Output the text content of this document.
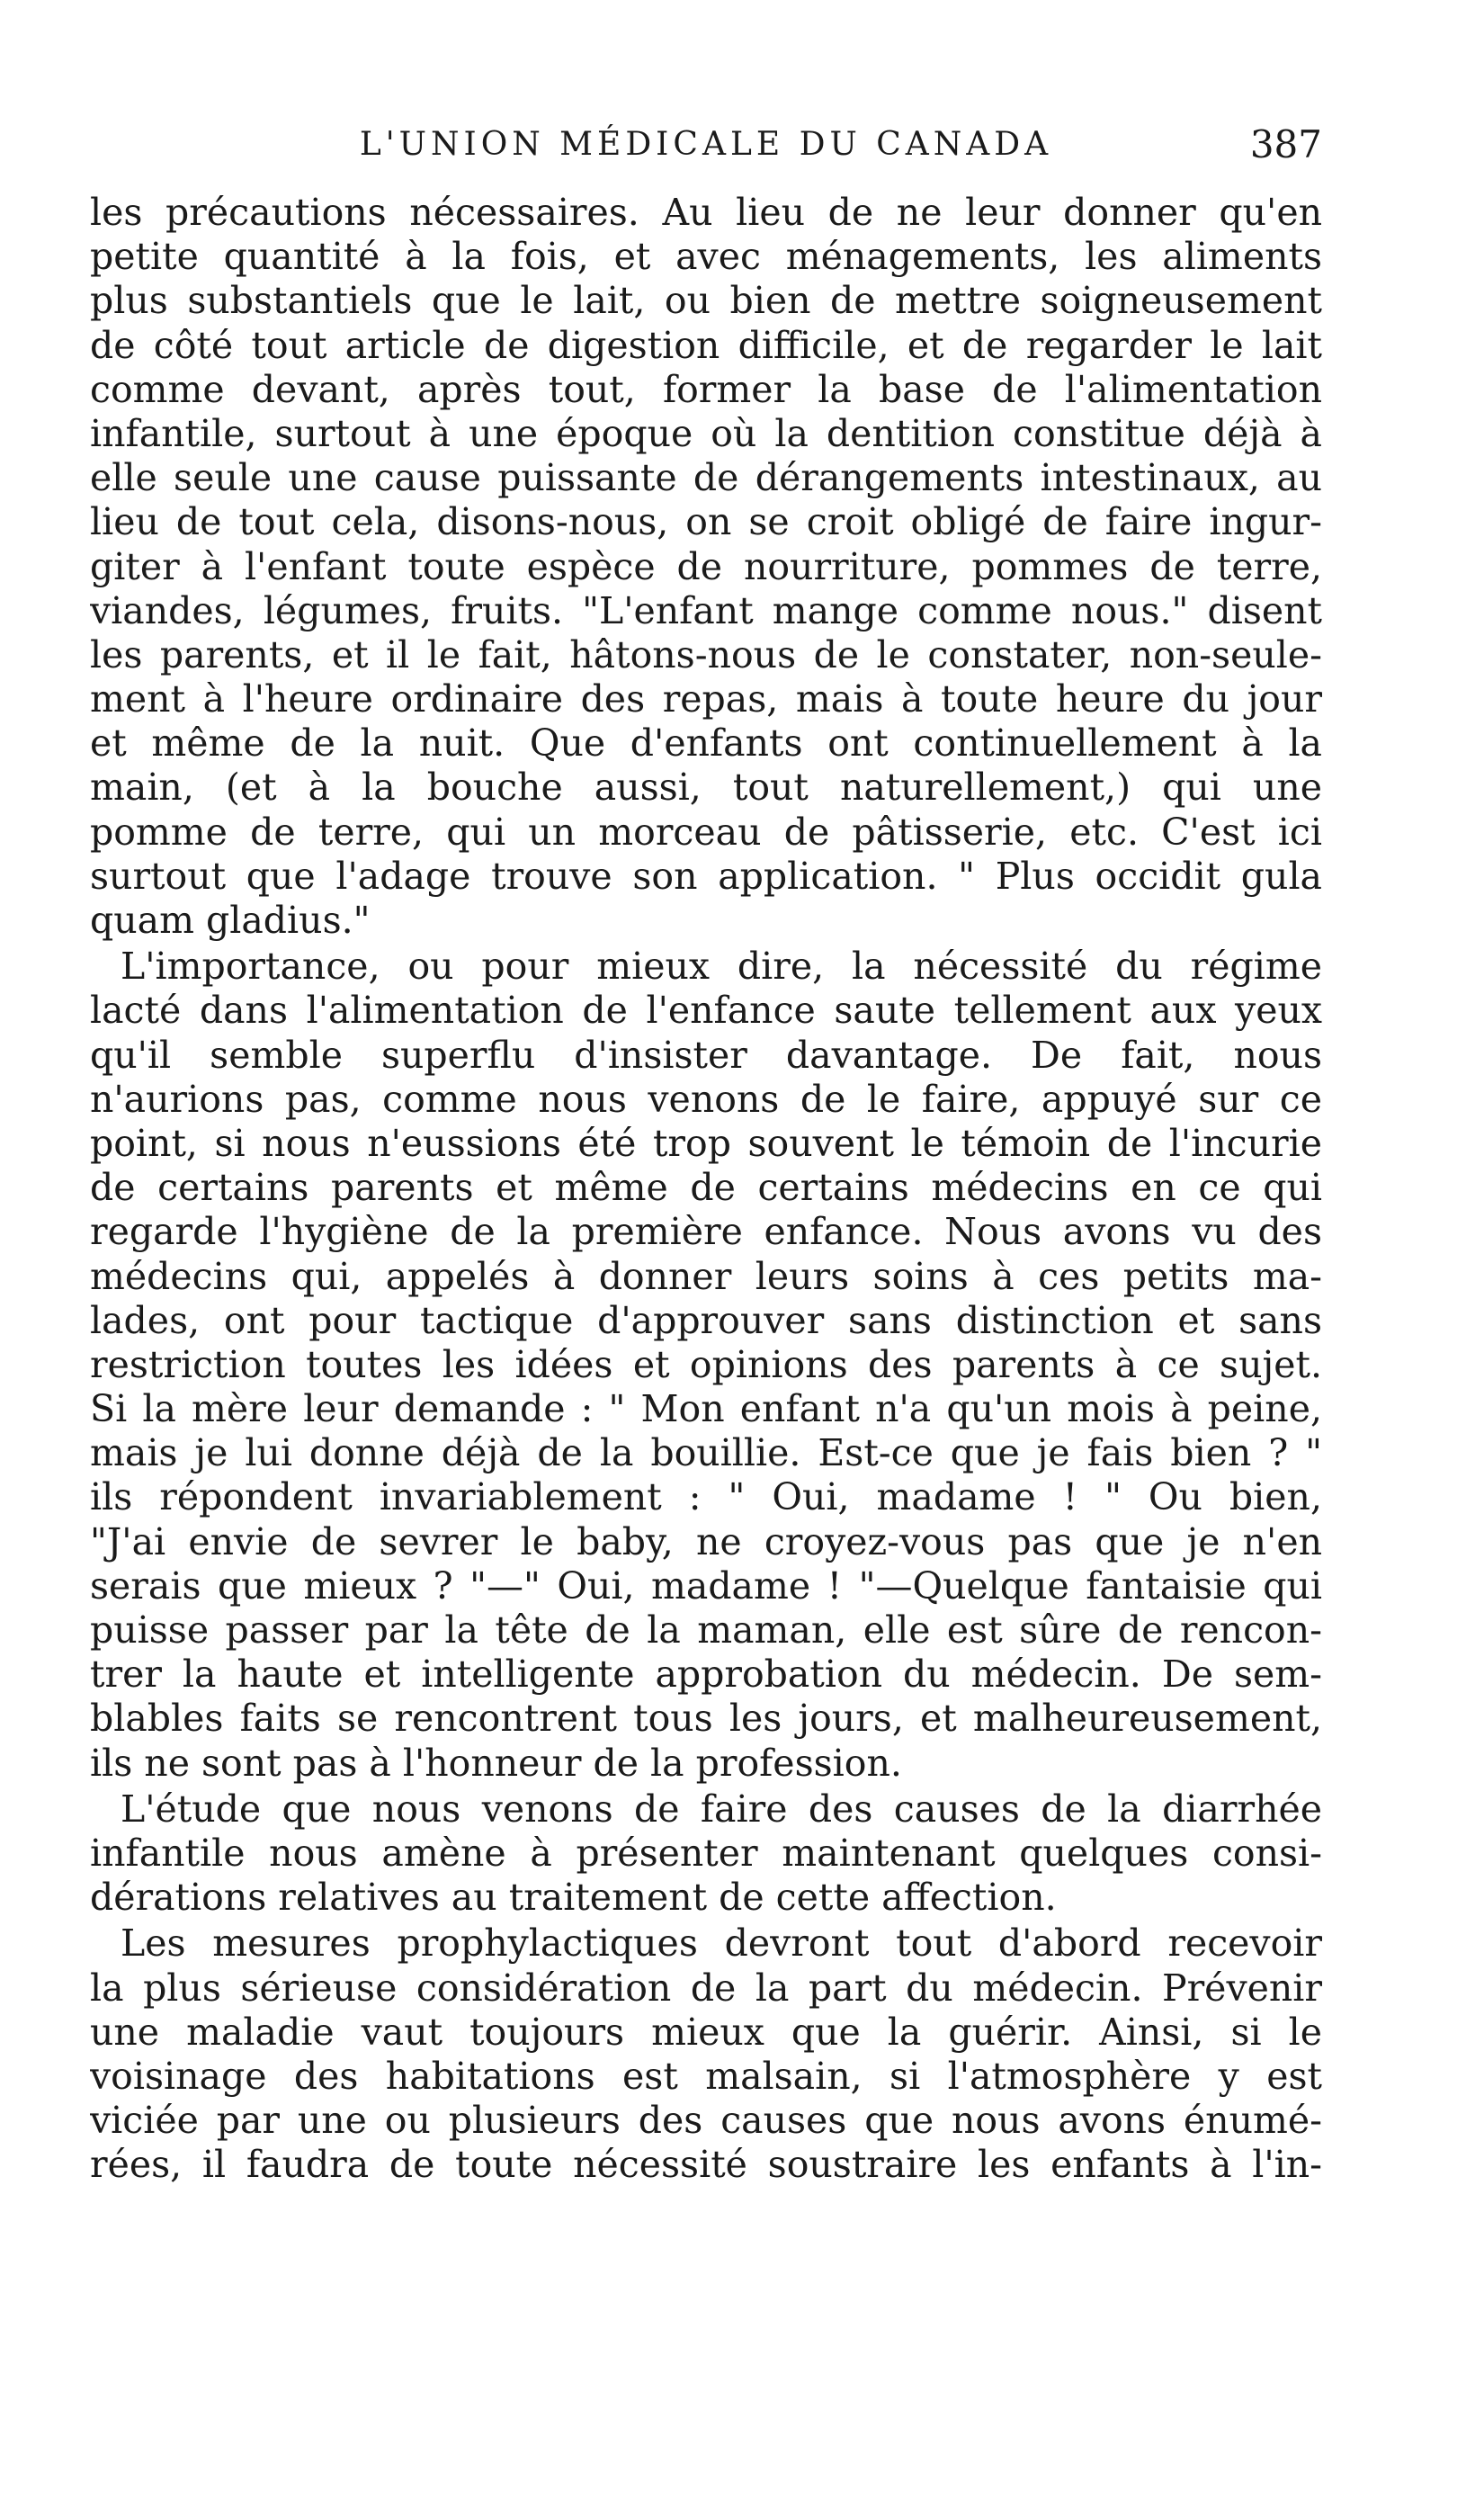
L'UNION MÉDICALE DU CANADA	387
les précautions nécessaires. Au lieu de ne leur donner qu'en
petite quantité à la fois, et avec ménagements, les aliments
plus substantiels que le lait, ou bien de mettre soigneusement
de côté tout article de digestion difficile, et de regarder le lait
comme devant, après tout, former la base de l'alimentation
infantile, surtout à une époque où la dentition constitue déjà à
elle seule une cause puissante de dérangements intestinaux, au
lieu de tout cela, disons-nous, on se croit obligé de faire ingur-
giter à l'enfant toute espèce de nourriture, pommes de terre,
viandes, légumes, fruits. "L'enfant mange comme nous." disent
les parents, et il le fait, hâtons-nous de le constater, non-seule-
ment à l'heure ordinaire des repas, mais à toute heure du jour
et même de la nuit. Que d'enfants ont continuellement à la
main, (et à la bouche aussi, tout naturellement,) qui une
pomme de terre, qui un morceau de pâtisserie, etc. C'est ici
surtout que l'adage trouve son application. " Plus occidit gula
quam gladius."
L'importance, ou pour mieux dire, la nécessité du régime
lacté dans l'alimentation de l'enfance saute tellement aux yeux
qu'il semble superflu d'insister davantage. De fait, nous
n'aurions pas, comme nous venons de le faire, appuyé sur ce
point, si nous n'eussions été trop souvent le témoin de l'incurie
de certains parents et même de certains médecins en ce qui
regarde l'hygiène de la première enfance. Nous avons vu des
médecins qui, appelés à donner leurs soins à ces petits ma-
lades, ont pour tactique d'approuver sans distinction et sans
restriction toutes les idées et opinions des parents à ce sujet.
Si la mère leur demande : " Mon enfant n'a qu'un mois à peine,
mais je lui donne déjà de la bouillie. Est-ce que je fais bien ? "
ils répondent invariablement : " Oui, madame ! " Ou bien,
"J'ai envie de sevrer le baby, ne croyez-vous pas que je n'en
serais que mieux ? "—" Oui, madame ! "—Quelque fantaisie qui
puisse passer par la tête de la maman, elle est sûre de rencon-
trer la haute et intelligente approbation du médecin. De sem-
blables faits se rencontrent tous les jours, et malheureusement,
ils ne sont pas à l'honneur de la profession.
L'étude que nous venons de faire des causes de la diarrhée
infantile nous amène à présenter maintenant quelques consi-
dérations relatives au traitement de cette affection.
Les mesures prophylactiques devront tout d'abord recevoir
la plus sérieuse considération de la part du médecin. Prévenir
une maladie vaut toujours mieux que la guérir. Ainsi, si le
voisinage des habitations est malsain, si l'atmosphère y est
viciée par une ou plusieurs des causes que nous avons énumé-
rées, il faudra de toute nécessité soustraire les enfants à l'in-
